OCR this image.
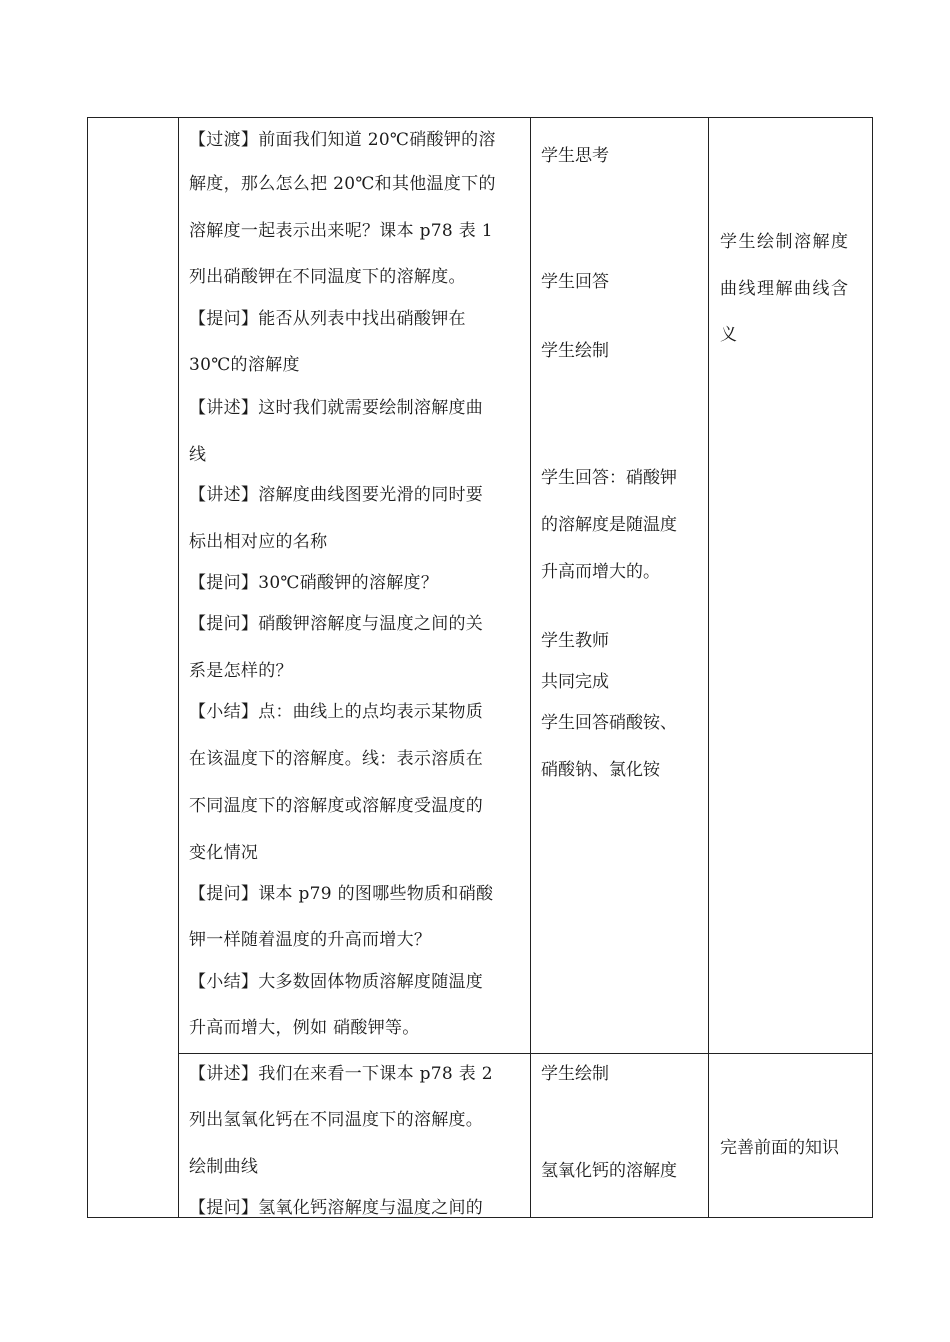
【过渡】前面我们知道 20℃硝酸钾的溶
解度，那么怎么把 20℃和其他温度下的
溶解度一起表示出来呢？课本 p78 表 1
列出硝酸钾在不同温度下的溶解度。
【提问】能否从列表中找出硝酸钾在
30℃的溶解度
【讲述】这时我们就需要绘制溶解度曲
线
【讲述】溶解度曲线图要光滑的同时要
标出相对应的名称
【提问】30℃硝酸钾的溶解度？
【提问】硝酸钾溶解度与温度之间的关
系是怎样的？
【小结】点：曲线上的点均表示某物质
在该温度下的溶解度。线：表示溶质在
不同温度下的溶解度或溶解度受温度的
变化情况
【提问】课本 p79 的图哪些物质和硝酸
钾一样随着温度的升高而增大？
【小结】大多数固体物质溶解度随温度
升高而增大，例如 硝酸钾等。
学生思考
学生回答
学生绘制
学生回答：硝酸钾
的溶解度是随温度
升高而增大的。
学生教师
共同完成
学生回答硝酸铵、
硝酸钠、氯化铵
学生绘制溶解度
曲线理解曲线含
义
【讲述】我们在来看一下课本 p78 表 2
列出氢氧化钙在不同温度下的溶解度。
绘制曲线
【提问】氢氧化钙溶解度与温度之间的
学生绘制
氢氧化钙的溶解度
完善前面的知识
